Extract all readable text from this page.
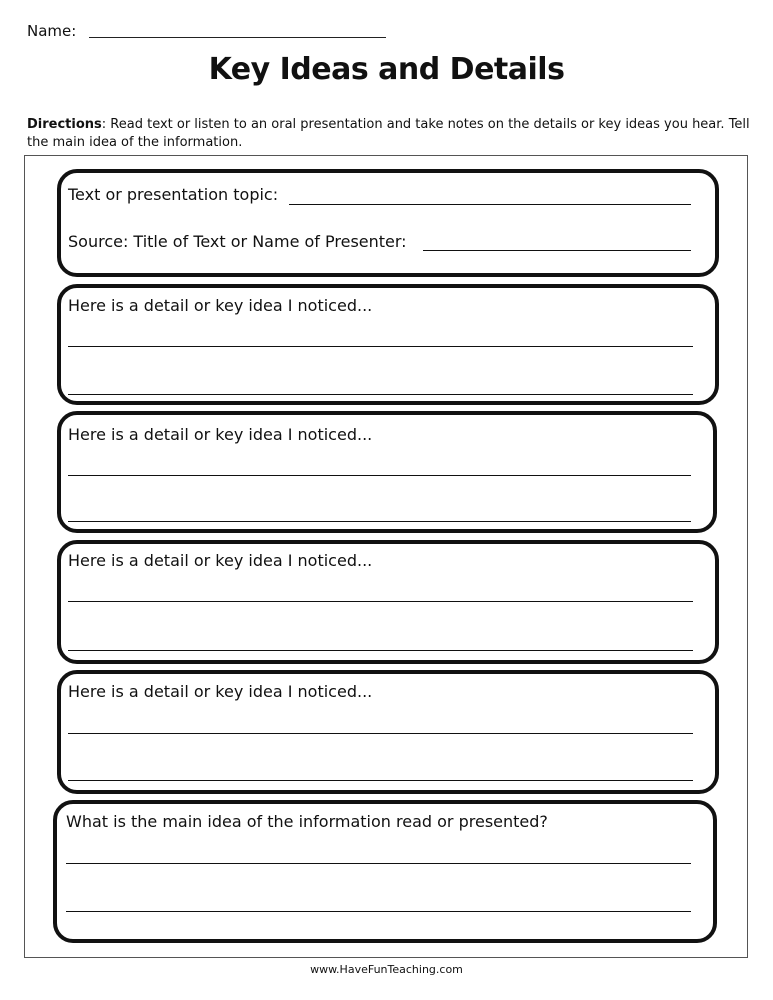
Name:
Key Ideas and Details
Directions: Read text or listen to an oral presentation and take notes on the details or key ideas you hear. Tell the main idea of the information.
Text or presentation topic:
Source: Title of Text or Name of Presenter:
Here is a detail or key idea I noticed...
Here is a detail or key idea I noticed...
Here is a detail or key idea I noticed...
Here is a detail or key idea I noticed...
What is the main idea of the information read or presented?
www.HaveFunTeaching.com
